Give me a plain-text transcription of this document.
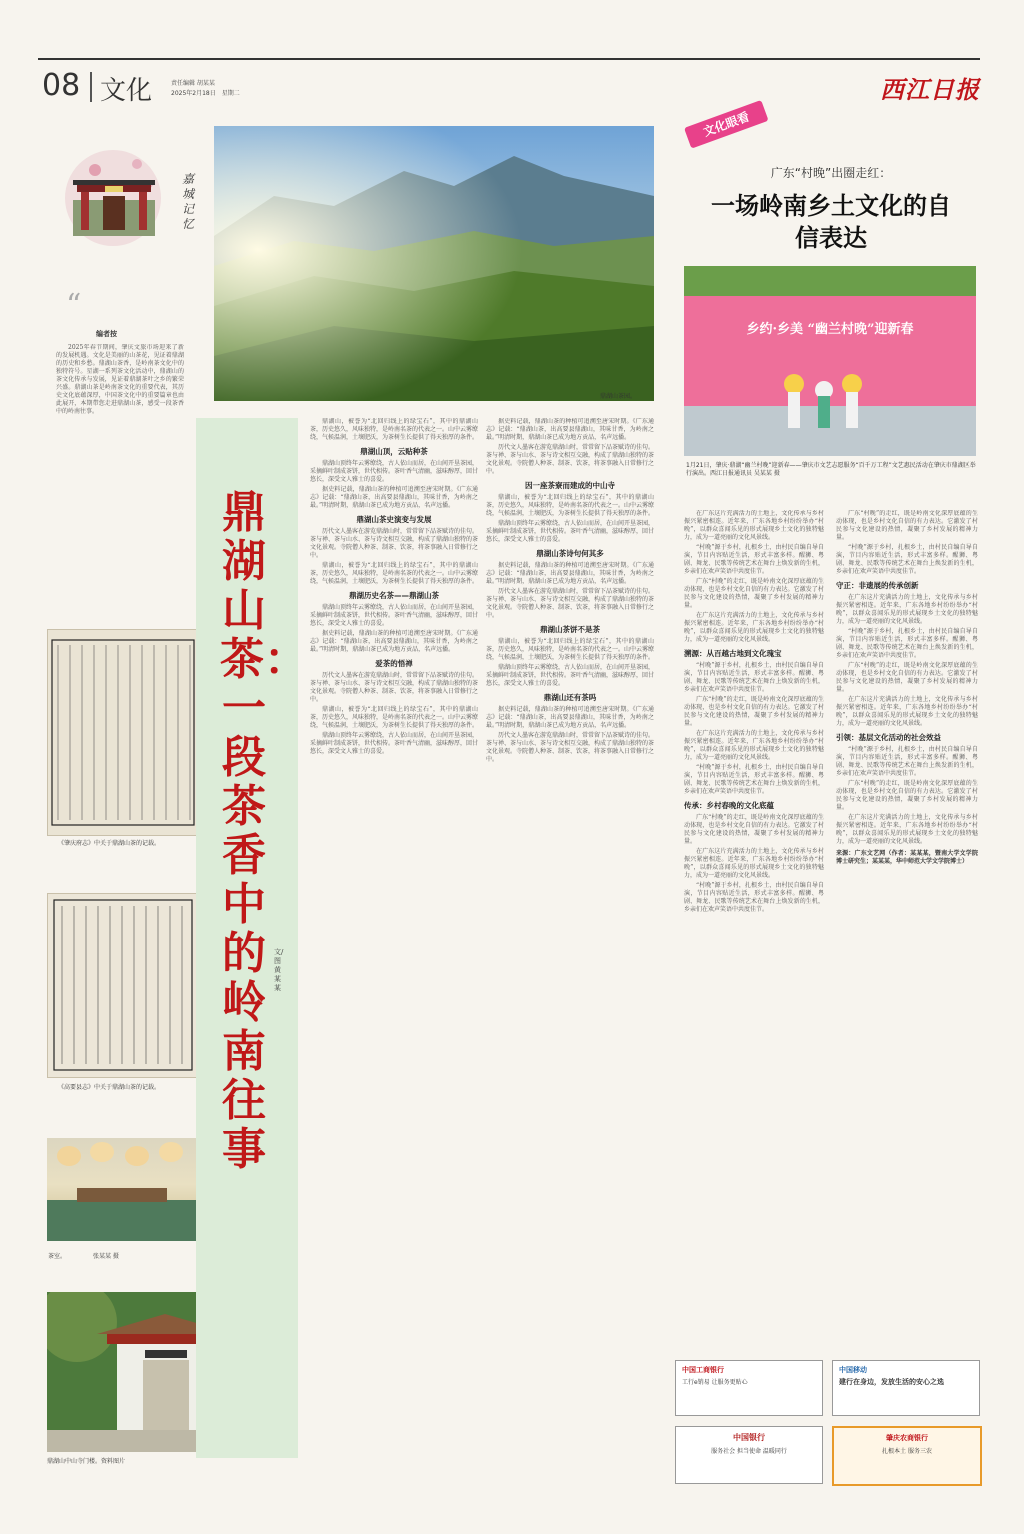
08 文化	责任编辑 胡某某
2025年2月18日　星期二	西江日报
嘉城记忆
“
编者按

2025年春节期间，肇庆文旅市场迎来了新的发展机遇。文化是美丽的山茶花，见证着鼎湖的历史和乡愁。鼎湖山茶香，是岭南茶文化中的独特符号。星湖一系列茶文化活动中，鼎湖山的茶文化传承与发展，见证着鼎湖茶叶之乡的繁荣兴盛。鼎湖山茶是岭南茶文化的重要代表，其历史文化底蕴深厚，中国茶文化中的重要篇章也由此展开，本期带您走进鼎湖山茶，感受一段茶香中的岭南往事。

《肇庆府志》中关于鼎湖山茶的记载。
《高要县志》中关于鼎湖山茶的记载。
茶室。　　　　　张某某 摄
鼎湖山中山寺门楼。资料图片
鼎湖山茶园。
鼎湖山茶：一段茶香中的岭南往事
文/图 黄某某

鼎湖山，被誉为“北回归线上的绿宝石”，其中的鼎湖山茶，历史悠久，风味独特，是岭南名茶的代表之一。山中云雾缭绕，气候温润，土壤肥沃，为茶树生长提供了得天独厚的条件。

鼎湖山顶，云贴种茶

鼎湖山顶终年云雾缭绕，古人依山而居，在山间开垦茶园，采摘鲜叶制成茶饼，世代相传。茶叶香气清幽，滋味醇厚，回甘悠长，深受文人雅士的喜爱。

据史料记载，鼎湖山茶的种植可追溯至唐宋时期。《广东通志》记载：“鼎湖山茶，出高要县鼎湖山，其味甘香，为岭南之最。”明清时期，鼎湖山茶已成为地方贡品，名声远播。

鼎湖山茶史演变与发展

历代文人墨客在游览鼎湖山时，常常留下品茶赋诗的佳句。茶与禅、茶与山水、茶与诗文相互交融，构成了鼎湖山独特的茶文化景观。寺院僧人种茶、制茶、饮茶，将茶事融入日常修行之中。

鼎湖山，被誉为“北回归线上的绿宝石”，其中的鼎湖山茶，历史悠久，风味独特，是岭南名茶的代表之一。山中云雾缭绕，气候温润，土壤肥沃，为茶树生长提供了得天独厚的条件。

鼎湖历史名茶——鼎湖山茶

鼎湖山顶终年云雾缭绕，古人依山而居，在山间开垦茶园，采摘鲜叶制成茶饼，世代相传。茶叶香气清幽，滋味醇厚，回甘悠长，深受文人雅士的喜爱。

据史料记载，鼎湖山茶的种植可追溯至唐宋时期。《广东通志》记载：“鼎湖山茶，出高要县鼎湖山，其味甘香，为岭南之最。”明清时期，鼎湖山茶已成为地方贡品，名声远播。

爱茶的悟禅

历代文人墨客在游览鼎湖山时，常常留下品茶赋诗的佳句。茶与禅、茶与山水、茶与诗文相互交融，构成了鼎湖山独特的茶文化景观。寺院僧人种茶、制茶、饮茶，将茶事融入日常修行之中。

鼎湖山，被誉为“北回归线上的绿宝石”，其中的鼎湖山茶，历史悠久，风味独特，是岭南名茶的代表之一。山中云雾缭绕，气候温润，土壤肥沃，为茶树生长提供了得天独厚的条件。

鼎湖山顶终年云雾缭绕，古人依山而居，在山间开垦茶园，采摘鲜叶制成茶饼，世代相传。茶叶香气清幽，滋味醇厚，回甘悠长，深受文人雅士的喜爱。

据史料记载，鼎湖山茶的种植可追溯至唐宋时期。《广东通志》记载：“鼎湖山茶，出高要县鼎湖山，其味甘香，为岭南之最。”明清时期，鼎湖山茶已成为地方贡品，名声远播。

历代文人墨客在游览鼎湖山时，常常留下品茶赋诗的佳句。茶与禅、茶与山水、茶与诗文相互交融，构成了鼎湖山独特的茶文化景观。寺院僧人种茶、制茶、饮茶，将茶事融入日常修行之中。

因一座茶寮而建成的中山寺

鼎湖山，被誉为“北回归线上的绿宝石”，其中的鼎湖山茶，历史悠久，风味独特，是岭南名茶的代表之一。山中云雾缭绕，气候温润，土壤肥沃，为茶树生长提供了得天独厚的条件。

鼎湖山顶终年云雾缭绕，古人依山而居，在山间开垦茶园，采摘鲜叶制成茶饼，世代相传。茶叶香气清幽，滋味醇厚，回甘悠长，深受文人雅士的喜爱。

鼎湖山茶诗句何其多

据史料记载，鼎湖山茶的种植可追溯至唐宋时期。《广东通志》记载：“鼎湖山茶，出高要县鼎湖山，其味甘香，为岭南之最。”明清时期，鼎湖山茶已成为地方贡品，名声远播。

历代文人墨客在游览鼎湖山时，常常留下品茶赋诗的佳句。茶与禅、茶与山水、茶与诗文相互交融，构成了鼎湖山独特的茶文化景观。寺院僧人种茶、制茶、饮茶，将茶事融入日常修行之中。

鼎湖山茶饼不是茶

鼎湖山，被誉为“北回归线上的绿宝石”，其中的鼎湖山茶，历史悠久，风味独特，是岭南名茶的代表之一。山中云雾缭绕，气候温润，土壤肥沃，为茶树生长提供了得天独厚的条件。

鼎湖山顶终年云雾缭绕，古人依山而居，在山间开垦茶园，采摘鲜叶制成茶饼，世代相传。茶叶香气清幽，滋味醇厚，回甘悠长，深受文人雅士的喜爱。

鼎湖山还有茶吗

据史料记载，鼎湖山茶的种植可追溯至唐宋时期。《广东通志》记载：“鼎湖山茶，出高要县鼎湖山，其味甘香，为岭南之最。”明清时期，鼎湖山茶已成为地方贡品，名声远播。

历代文人墨客在游览鼎湖山时，常常留下品茶赋诗的佳句。茶与禅、茶与山水、茶与诗文相互交融，构成了鼎湖山独特的茶文化景观。寺院僧人种茶、制茶、饮茶，将茶事融入日常修行之中。

文化眼看
广东“村晚”出圈走红：
一场岭南乡土文化的自信表达
乡约·乡美 “幽兰村晚”迎新春
1月21日，肇庆·鼎湖“幽兰村晚”迎新春——肇庆市文艺志愿服务“百千万工程”文艺惠民活动在肇庆市鼎湖区举行演出。西江日报通讯员 吴某某 摄

在广东这片充满活力的土地上，文化传承与乡村振兴紧密相连。近年来，广东各地乡村纷纷举办“村晚”，以群众喜闻乐见的形式展现乡土文化的独特魅力，成为一道亮丽的文化风景线。

“村晚”源于乡村，扎根乡土，由村民自编自导自演，节目内容贴近生活，形式丰富多样。醒狮、粤剧、舞龙、民歌等传统艺术在舞台上焕发新的生机，乡亲们在欢声笑语中共度佳节。

广东“村晚”的走红，既是岭南文化深厚底蕴的生动体现，也是乡村文化自信的有力表达。它激发了村民参与文化建设的热情，凝聚了乡村发展的精神力量。

在广东这片充满活力的土地上，文化传承与乡村振兴紧密相连。近年来，广东各地乡村纷纷举办“村晚”，以群众喜闻乐见的形式展现乡土文化的独特魅力，成为一道亮丽的文化风景线。

溯源：从百越古地到文化瑰宝

“村晚”源于乡村，扎根乡土，由村民自编自导自演，节目内容贴近生活，形式丰富多样。醒狮、粤剧、舞龙、民歌等传统艺术在舞台上焕发新的生机，乡亲们在欢声笑语中共度佳节。

广东“村晚”的走红，既是岭南文化深厚底蕴的生动体现，也是乡村文化自信的有力表达。它激发了村民参与文化建设的热情，凝聚了乡村发展的精神力量。

在广东这片充满活力的土地上，文化传承与乡村振兴紧密相连。近年来，广东各地乡村纷纷举办“村晚”，以群众喜闻乐见的形式展现乡土文化的独特魅力，成为一道亮丽的文化风景线。

“村晚”源于乡村，扎根乡土，由村民自编自导自演，节目内容贴近生活，形式丰富多样。醒狮、粤剧、舞龙、民歌等传统艺术在舞台上焕发新的生机，乡亲们在欢声笑语中共度佳节。

传承：乡村春晚的文化底蕴

广东“村晚”的走红，既是岭南文化深厚底蕴的生动体现，也是乡村文化自信的有力表达。它激发了村民参与文化建设的热情，凝聚了乡村发展的精神力量。

在广东这片充满活力的土地上，文化传承与乡村振兴紧密相连。近年来，广东各地乡村纷纷举办“村晚”，以群众喜闻乐见的形式展现乡土文化的独特魅力，成为一道亮丽的文化风景线。

“村晚”源于乡村，扎根乡土，由村民自编自导自演，节目内容贴近生活，形式丰富多样。醒狮、粤剧、舞龙、民歌等传统艺术在舞台上焕发新的生机，乡亲们在欢声笑语中共度佳节。

广东“村晚”的走红，既是岭南文化深厚底蕴的生动体现，也是乡村文化自信的有力表达。它激发了村民参与文化建设的热情，凝聚了乡村发展的精神力量。

“村晚”源于乡村，扎根乡土，由村民自编自导自演，节目内容贴近生活，形式丰富多样。醒狮、粤剧、舞龙、民歌等传统艺术在舞台上焕发新的生机，乡亲们在欢声笑语中共度佳节。

守正：非遗展的传承创新

在广东这片充满活力的土地上，文化传承与乡村振兴紧密相连。近年来，广东各地乡村纷纷举办“村晚”，以群众喜闻乐见的形式展现乡土文化的独特魅力，成为一道亮丽的文化风景线。

“村晚”源于乡村，扎根乡土，由村民自编自导自演，节目内容贴近生活，形式丰富多样。醒狮、粤剧、舞龙、民歌等传统艺术在舞台上焕发新的生机，乡亲们在欢声笑语中共度佳节。

广东“村晚”的走红，既是岭南文化深厚底蕴的生动体现，也是乡村文化自信的有力表达。它激发了村民参与文化建设的热情，凝聚了乡村发展的精神力量。

在广东这片充满活力的土地上，文化传承与乡村振兴紧密相连。近年来，广东各地乡村纷纷举办“村晚”，以群众喜闻乐见的形式展现乡土文化的独特魅力，成为一道亮丽的文化风景线。

引领：基层文化活动的社会效益

“村晚”源于乡村，扎根乡土，由村民自编自导自演，节目内容贴近生活，形式丰富多样。醒狮、粤剧、舞龙、民歌等传统艺术在舞台上焕发新的生机，乡亲们在欢声笑语中共度佳节。

广东“村晚”的走红，既是岭南文化深厚底蕴的生动体现，也是乡村文化自信的有力表达。它激发了村民参与文化建设的热情，凝聚了乡村发展的精神力量。

在广东这片充满活力的土地上，文化传承与乡村振兴紧密相连。近年来，广东各地乡村纷纷举办“村晚”，以群众喜闻乐见的形式展现乡土文化的独特魅力，成为一道亮丽的文化风景线。

来源：广东文艺网（作者：某某某，暨南大学文学院博士研究生；某某某，华中师范大学文学院博士）
中国工商银行
工行e销易 让服务更贴心
中国移动
建行在身边，发放生活的安心之选
中国银行
服务社会 担当使命 温暖同行
肇庆农商银行
扎根本土 服务三农
